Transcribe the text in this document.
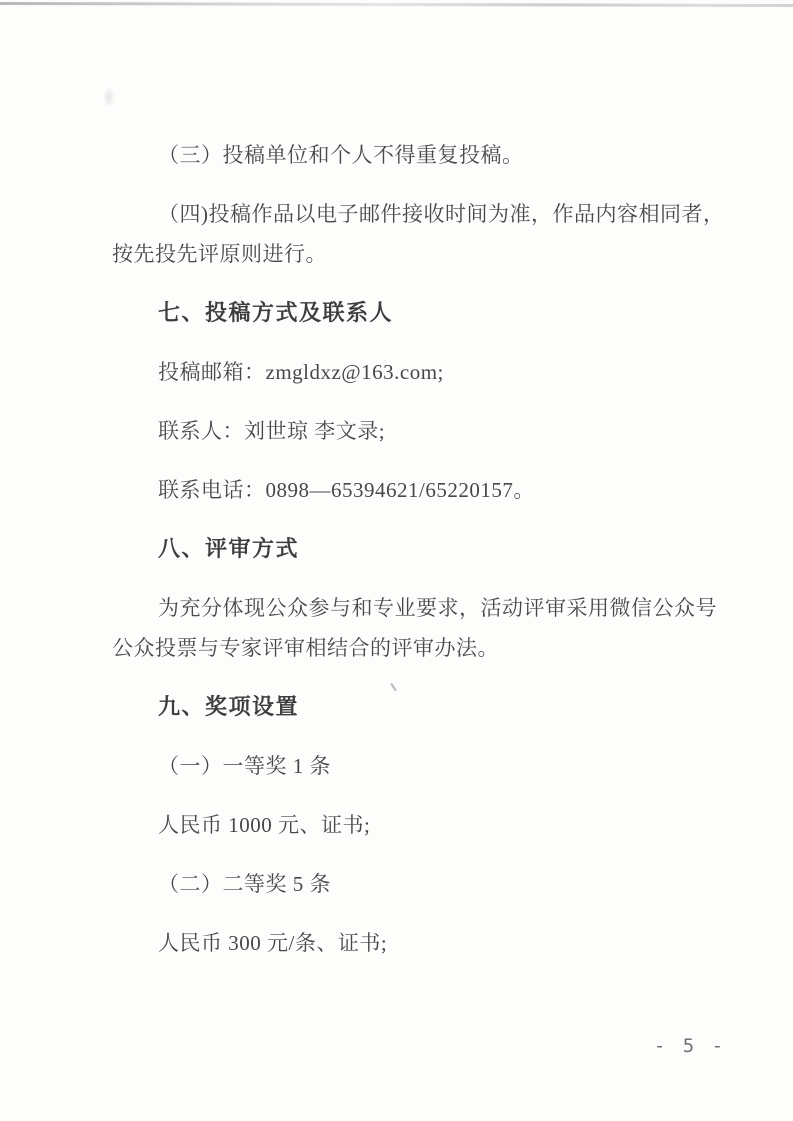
（三）投稿单位和个人不得重复投稿。

（四)投稿作品以电子邮件接收时间为准，作品内容相同者，

按先投先评原则进行。

七、投稿方式及联系人

投稿邮箱：zmgldxz@163.com;

联系人：刘世琼 李文录;

联系电话：0898—65394621/65220157。

八、评审方式

为充分体现公众参与和专业要求，活动评审采用微信公众号

公众投票与专家评审相结合的评审办法。

九、奖项设置

（一）一等奖 1 条

人民币 1000 元、证书;

（二）二等奖 5 条

人民币 300 元/条、证书;

- 5 -
